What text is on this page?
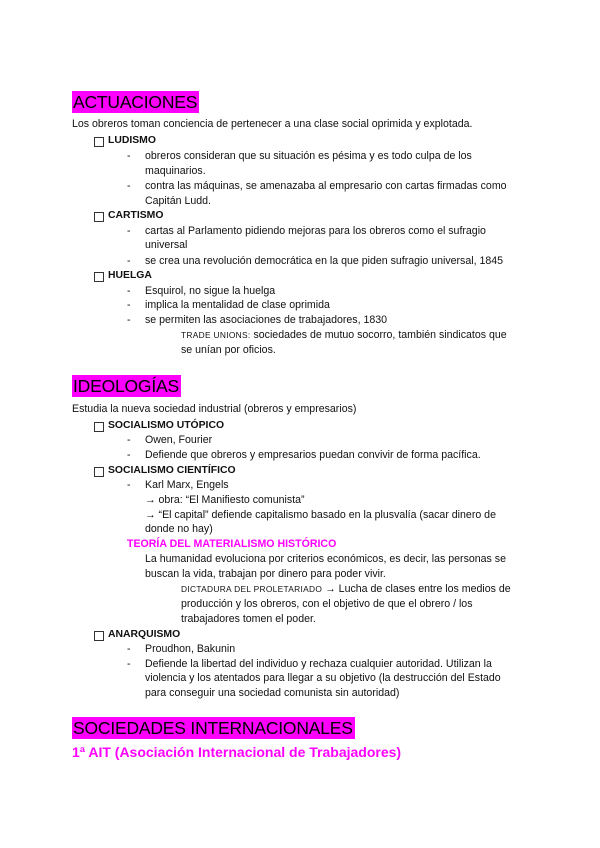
ACTUACIONES
Los obreros toman conciencia de pertenecer a una clase social oprimida y explotada.
LUDISMO
- obreros consideran que su situación es pésima y es todo culpa de los
maquinarios.
- contra las máquinas, se amenazaba al empresario con cartas firmadas como
Capitán Ludd.
CARTISMO
- cartas al Parlamento pidiendo mejoras para los obreros como el sufragio
universal
- se crea una revolución democrática en la que piden sufragio universal, 1845
HUELGA
- Esquirol, no sigue la huelga
- implica la mentalidad de clase oprimida
- se permiten las asociaciones de trabajadores, 1830
TRADE UNIONS: sociedades de mutuo socorro, también sindicatos que
se unían por oficios.
IDEOLOGÍAS
Estudia la nueva sociedad industrial (obreros y empresarios)
SOCIALISMO UTÓPICO
- Owen, Fourier
- Defiende que obreros y empresarios puedan convivir de forma pacífica.
SOCIALISMO CIENTÍFICO
- Karl Marx, Engels
→ obra: “El Manifiesto comunista”
→ “El capital” defiende capitalismo basado en la plusvalía (sacar dinero de
donde no hay)
TEORÍA DEL MATERIALISMO HISTÓRICO
La humanidad evoluciona por criterios económicos, es decir, las personas se
buscan la vida, trabajan por dinero para poder vivir.
DICTADURA DEL PROLETARIADO → Lucha de clases entre los medios de
producción y los obreros, con el objetivo de que el obrero / los
trabajadores tomen el poder.
ANARQUISMO
- Proudhon, Bakunin
- Defiende la libertad del individuo y rechaza cualquier autoridad. Utilizan la
violencia y los atentados para llegar a su objetivo (la destrucción del Estado
para conseguir una sociedad comunista sin autoridad)
SOCIEDADES INTERNACIONALES
1ª AIT (Asociación Internacional de Trabajadores)
